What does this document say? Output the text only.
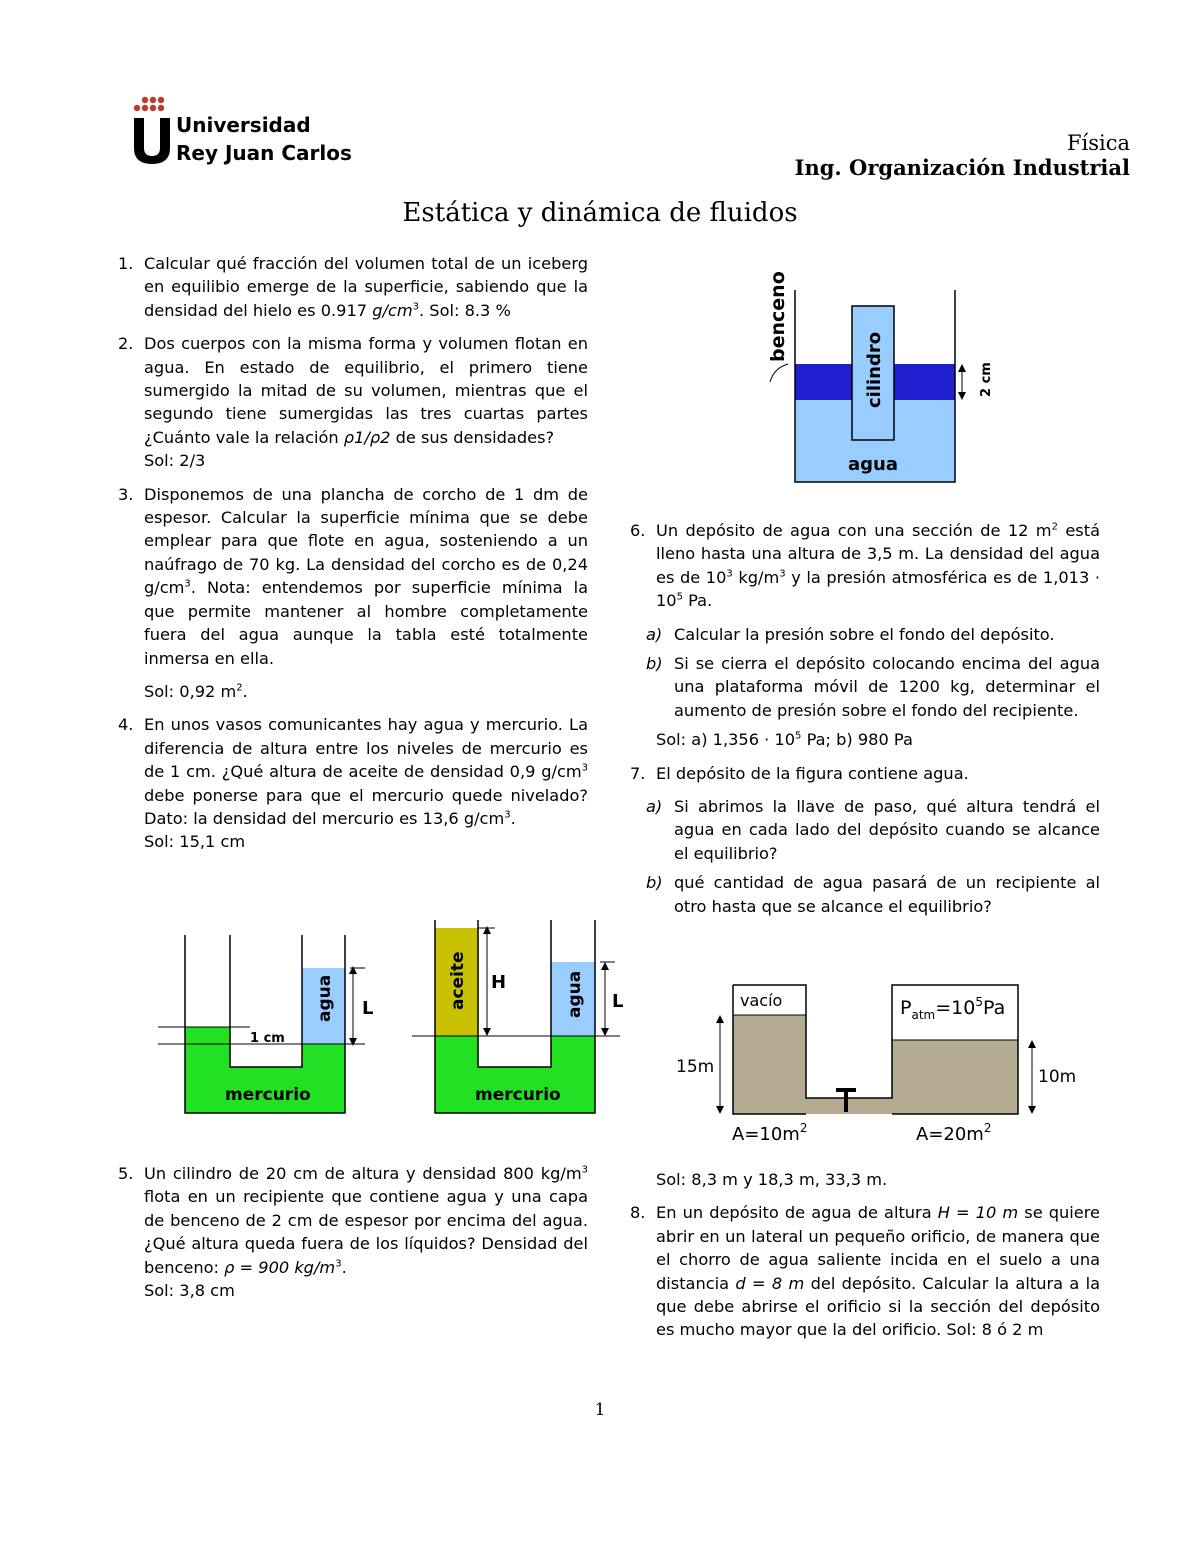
Universidad
Rey Juan Carlos	Física
Ing. Organización Industrial
Estática y dinámica de fluidos
1. Calcular qué fracción del volumen total de un iceberg en equilibio emerge de la superficie, sabiendo que la densidad del hielo es 0.917 $g/cm^3$. Sol: 8.3 %
2. Dos cuerpos con la misma forma y volumen flotan en agua. En estado de equilibrio, el primero tiene sumergido la mitad de su volumen, mientras que el segundo tiene sumergidas las tres cuartas partes ¿Cuánto vale la relación ρ1/ρ2 de sus densidades?
Sol: 2/3
3. Disponemos de una plancha de corcho de 1 dm de espesor. Calcular la superficie mínima que se debe emplear para que flote en agua, sosteniendo a un naúfrago de 70 kg. La densidad del corcho es de 0,24 $g/cm^3$. Nota: entendemos por superficie mínima la que permite mantener al hombre completamente fuera del agua aunque la tabla esté totalmente inmersa en ella.
Sol: 0,92 $m^2$.
4. En unos vasos comunicantes hay agua y mercurio. La diferencia de altura entre los niveles de mercurio es de 1 cm. ¿Qué altura de aceite de densidad 0,9 $g/cm^3$ debe ponerse para que el mercurio quede nivelado? Dato: la densidad del mercurio es 13,6 $g/cm^3$.
Sol: 15,1 cm
1 cm
L
agua
mercurio
H
L
aceite	agua
mercurio
5. Un cilindro de 20 cm de altura y densidad 800 $kg/m^3$ flota en un recipiente que contiene agua y una capa de benceno de 2 cm de espesor por encima del agua. ¿Qué altura queda fuera de los líquidos? Densidad del benceno: ρ = 900 $kg/m^3$.
Sol: 3,8 cm
benceno
cilindro
agua
2 cm
6. Un depósito de agua con una sección de 12 $m^2$ está lleno hasta una altura de 3,5 m. La densidad del agua es de $10^3$ $kg/m^3$ y la presión atmosférica es de $1,013 \cdot 10^5$ Pa.
a) Calcular la presión sobre el fondo del depósito.
b) Si se cierra el depósito colocando encima del agua una plataforma móvil de 1200 kg, determinar el aumento de presión sobre el fondo del recipiente.
Sol: a) $1,356 \cdot 10^5$ Pa; b) 980 Pa
7. El depósito de la figura contiene agua.
a) Si abrimos la llave de paso, qué altura tendrá el agua en cada lado del depósito cuando se alcance el equilibrio?
b) qué cantidad de agua pasará de un recipiente al otro hasta que se alcance el equilibrio?
vacío	$P_{atm}=10^5Pa$
15m	10m
$A=10m^2$	$A=20m^2$
Sol: 8,3 m y 18,3 m, 33,3 m.
8. En un depósito de agua de altura H = 10 m se quiere abrir en un lateral un pequeño orificio, de manera que el chorro de agua saliente incida en el suelo a una distancia d = 8 m del depósito. Calcular la altura a la que debe abrirse el orificio si la sección del depósito es mucho mayor que la del orificio. Sol: 8 ó 2 m
1
